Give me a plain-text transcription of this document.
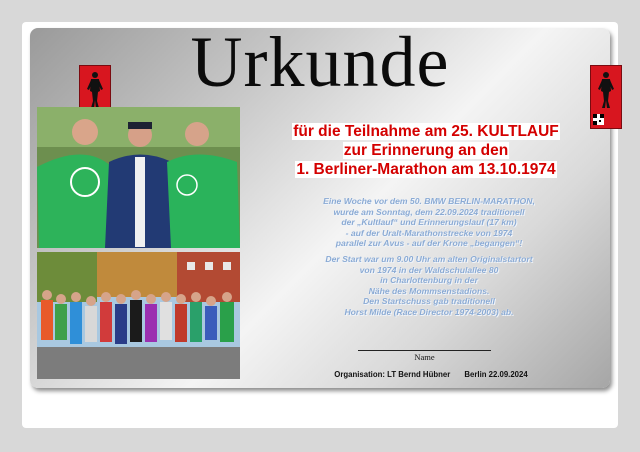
Urkunde
für die Teilnahme am 25. KULTLAUF
zur Erinnerung an den
1. Berliner-Marathon am 13.10.1974
Eine Woche vor dem 50. BMW BERLIN-MARATHON,
wurde am Sonntag, dem 22.09.2024 traditionell
der „Kultlauf“ und Erinnerungslauf (17 km)
- auf der Uralt-Marathonstrecke von 1974
parallel zur Avus - auf der Krone „begangen“!
Der Start war um 9.00 Uhr am alten Originalstartort
von 1974 in der Waldschulallee 80
in Charlottenburg in der
Nähe des Mommsenstadions.
Den Startschuss gab traditionell
Horst Milde (Race Director 1974-2003) ab.
Name
Organisation: LT Bernd Hübner Berlin 22.09.2024
